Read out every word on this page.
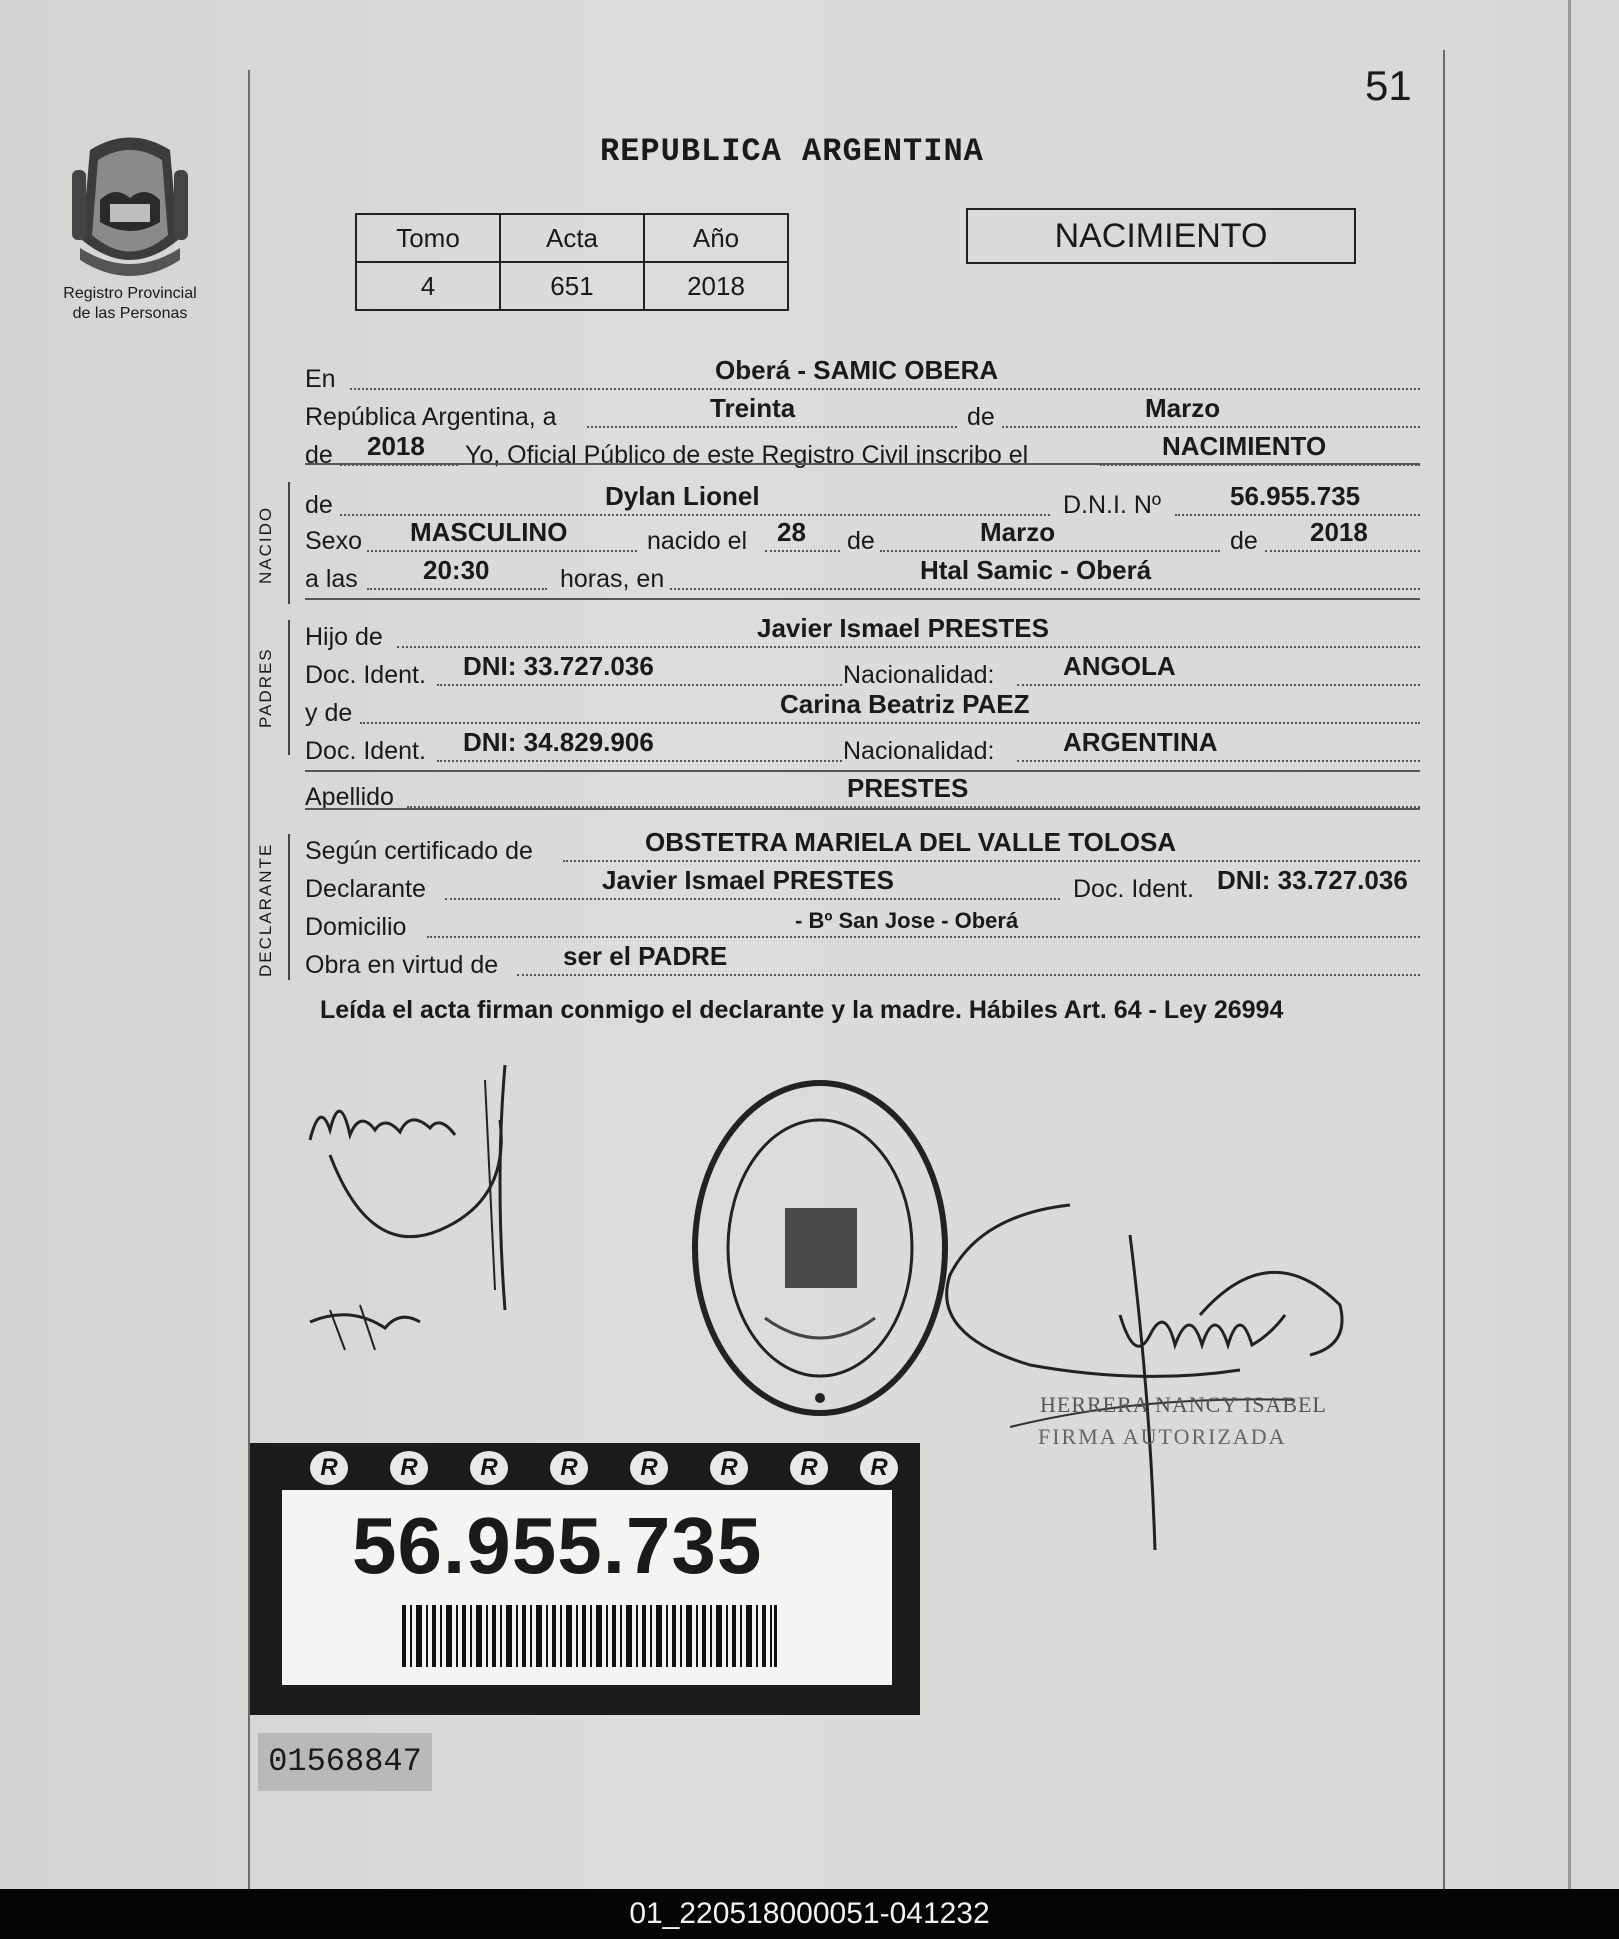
51
Registro Provincial
de las Personas
REPUBLICA ARGENTINA
Tomo	Acta	Año
4	651	2018
NACIMIENTO
En	Oberá - SAMIC OBERA
República Argentina, a	Treinta	de	Marzo
de 2018 Yo, Oficial Público de este Registro Civil inscribo el	NACIMIENTO
NACIDO
de	Dylan Lionel	D.N.I. Nº	56.955.735
Sexo MASCULINO	nacido el 28 de	Marzo	de 2018
a las	20:30	horas, en	Htal Samic - Oberá
PADRES
Hijo de	Javier Ismael PRESTES
Doc. Ident. DNI: 33.727.036	Nacionalidad:	ANGOLA
y de	Carina Beatriz PAEZ
Doc. Ident. DNI: 34.829.906	Nacionalidad:	ARGENTINA
Apellido	PRESTES
DECLARANTE	Según certificado de	OBSTETRA MARIELA DEL VALLE TOLOSA
Declarante	Javier Ismael PRESTES	Doc. Ident. DNI: 33.727.036
Domicilio	- Bº San Jose - Oberá
Obra en virtud de ser el PADRE
Leída el acta firman conmigo el declarante y la madre. Hábiles Art. 64 - Ley 26994
HERRERA NANCY ISABEL
FIRMA AUTORIZADA
R	R	R	R	R	R	R	R
56.955.735
01568847
01_220518000051-041232
